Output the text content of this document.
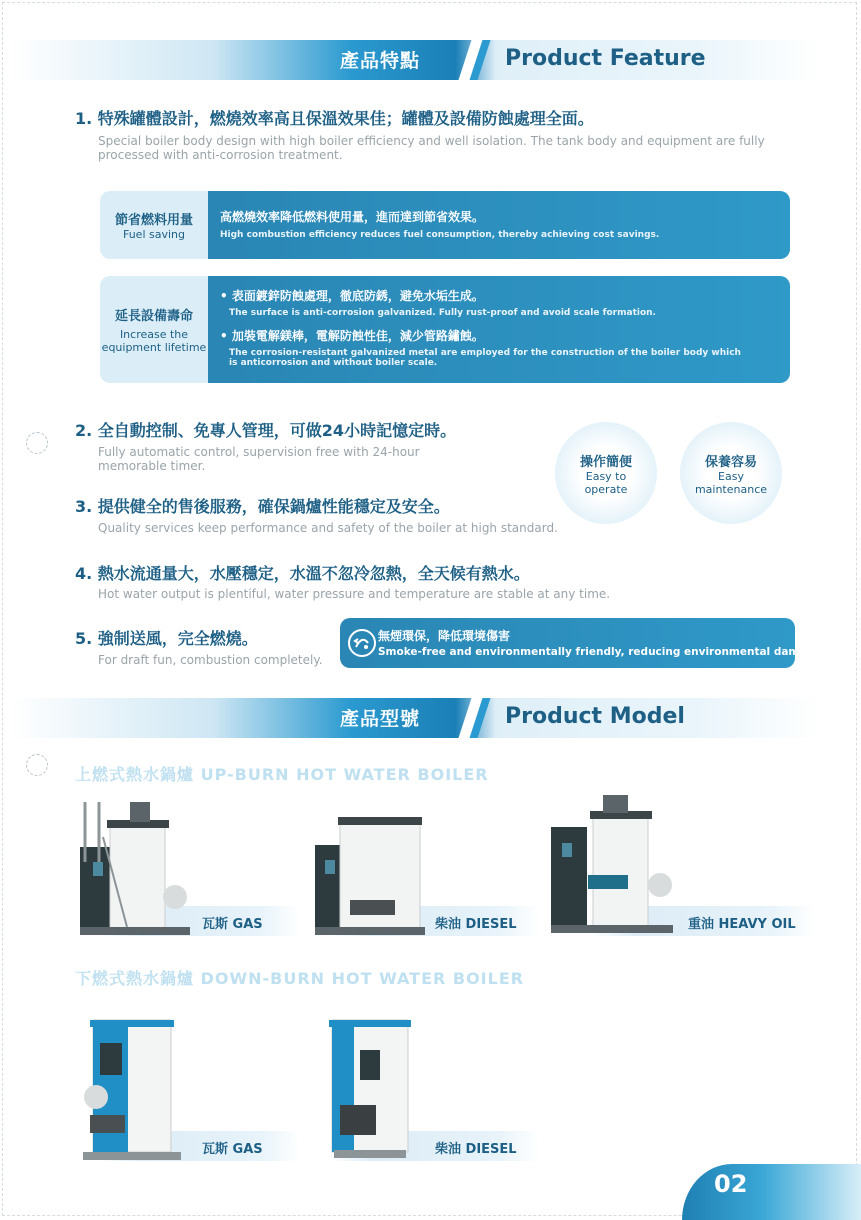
產品特點	Product Feature
1. 特殊罐體設計，燃燒效率高且保溫效果佳；罐體及設備防蝕處理全面。
Special boiler body design with high boiler efficiency and well isolation. The tank body and equipment are fully processed with anti-corrosion treatment.
節省燃料用量
Fuel saving
高燃燒效率降低燃料使用量，進而達到節省效果。
High combustion efficiency reduces fuel consumption, thereby achieving cost savings.
延長設備壽命
Increase the equipment lifetime
• 表面鍍鋅防蝕處理，徹底防銹，避免水垢生成。
The surface is anti-corrosion galvanized. Fully rust-proof and avoid scale formation.
• 加裝電解鎂棒，電解防蝕性佳，減少管路鏽蝕。
The corrosion-resistant galvanized metal are employed for the construction of the boiler body which is anticorrosion and without boiler scale.
2. 全自動控制、免專人管理，可做24小時記憶定時。
Fully automatic control, supervision free with 24-hour memorable timer.	操作簡便
Easy to operate
保養容易
Easy maintenance
3. 提供健全的售後服務，確保鍋爐性能穩定及安全。
Quality services keep performance and safety of the boiler at high standard.
4. 熱水流通量大，水壓穩定，水溫不忽冷忽熱，全天候有熱水。
Hot water output is plentiful, water pressure and temperature are stable at any time.
5. 強制送風，完全燃燒。
For draft fun, combustion completely.
無煙環保，降低環境傷害
Smoke-free and environmentally friendly, reducing environmental damage.
產品型號	Product Model
上燃式熱水鍋爐 UP-BURN HOT WATER BOILER
瓦斯 GAS	柴油 DIESEL	重油 HEAVY OIL
下燃式熱水鍋爐 DOWN-BURN HOT WATER BOILER
瓦斯 GAS	柴油 DIESEL
02
